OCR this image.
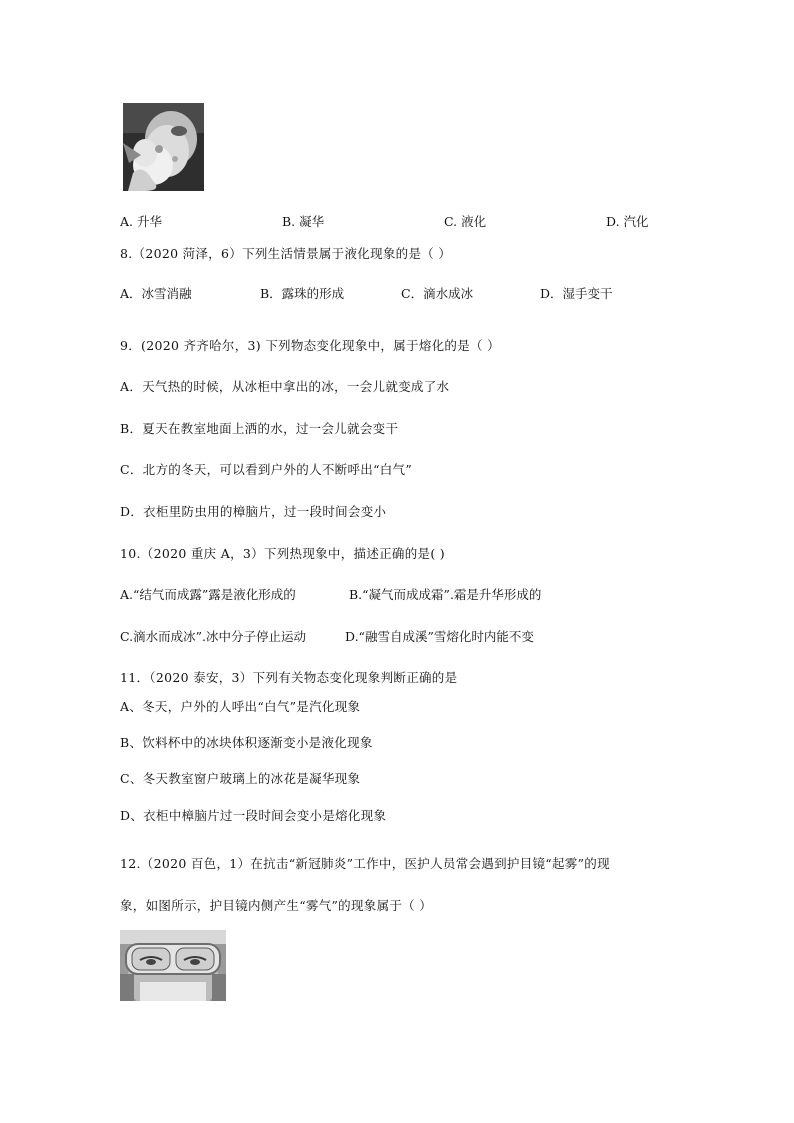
A. 升华	B. 凝华	C. 液化	D. 汽化
8.（2020 菏泽，6）下列生活情景属于液化现象的是（ ）
A．冰雪消融	B．露珠的形成	C．滴水成冰	D．湿手变干
9．(2020 齐齐哈尔，3) 下列物态变化现象中，属于熔化的是（ ）
A．天气热的时候，从冰柜中拿出的冰，一会儿就变成了水
B．夏天在教室地面上洒的水，过一会儿就会变干
C．北方的冬天，可以看到户外的人不断呼出“白气”
D．衣柜里防虫用的樟脑片，过一段时间会变小
10.（2020 重庆 A，3）下列热现象中，描述正确的是( )
A.“结气而成露”露是液化形成的	B.“凝气而成成霜”.霜是升华形成的
C.滴水而成冰”.冰中分子停止运动	D.“融雪自成溪”雪熔化时内能不变
11．（2020 泰安，3）下列有关物态变化现象判断正确的是
A、冬天，户外的人呼出“白气”是汽化现象
B、饮料杯中的冰块体积逐渐变小是液化现象
C、冬天教室窗户玻璃上的冰花是凝华现象
D、衣柜中樟脑片过一段时间会变小是熔化现象
12.（2020 百色，1）在抗击“新冠肺炎”工作中，医护人员常会遇到护目镜“起雾”的现
象，如图所示，护目镜内侧产生“雾气”的现象属于（ ）
